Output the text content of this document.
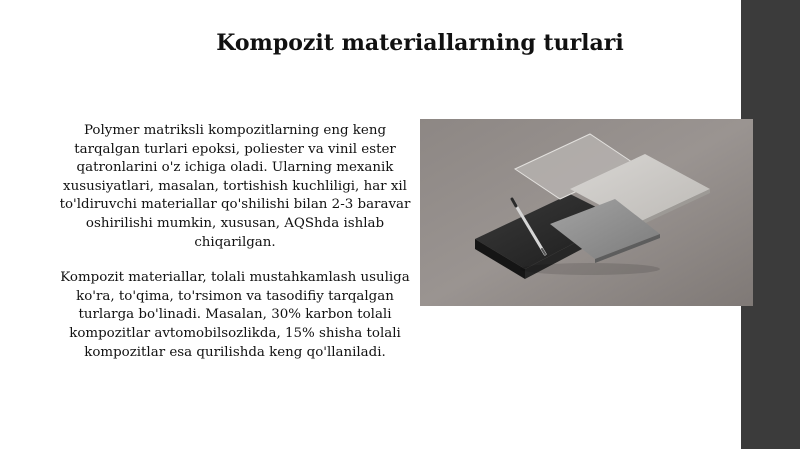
Kompozit materiallarning turlari

Polymer matriksli kompozitlarning eng keng tarqalgan turlari epoksi, poliester va vinil ester qatronlarini o'z ichiga oladi. Ularning mexanik xususiyatlari, masalan, tortishish kuchliligi, har xil to'ldiruvchi materiallar qo'shilishi bilan 2-3 baravar oshirilishi mumkin, xususan, AQShda ishlab chiqarilgan.

Kompozit materiallar, tolali mustahkamlash usuliga ko'ra, to'qima, to'rsimon va tasodifiy tarqalgan turlarga bo'linadi. Masalan, 30% karbon tolali kompozitlar avtomobilsozlikda, 15% shisha tolali kompozitlar esa qurilishda keng qo'llaniladi.
